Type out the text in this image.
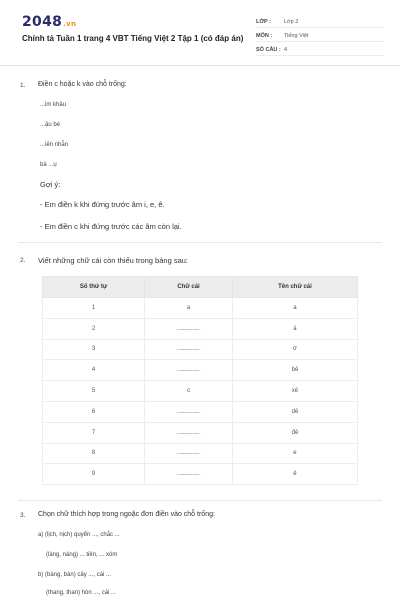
2048.vn
Chính tả Tuần 1 trang 4 VBT Tiếng Việt 2 Tập 1 (có đáp án)
LỚP :	Lớp 2
MÔN :	Tiếng Việt
SỐ CÂU : 4
1. Điền c hoặc k vào chỗ trống:
...im khâu
...ậu bé
...iên nhẫn
bà ...ụ
Gợi ý:
- Em điền k khi đứng trước âm i, e, ê.
- Em điền c khi đứng trước các âm còn lại.
2. Viết những chữ cái còn thiếu trong bảng sau:
Số thứ tự	Chữ cái	Tên chữ cái
1	a	a
2	....................	á
3	....................	ớ
4	....................	bê
5	c	xê
6	....................	dê
7	....................	đê
8	....................	e
9	....................	ê
3. Chọn chữ thích hợp trong ngoặc đơn điền vào chỗ trống:
a) (lịch, nịch) quyển ..., chắc ...
(làng, nàng) ... tiên, ... xóm
b) (bàng, bàn) cây ..., cái ...
(thang, than) hòn ..., cái ...
